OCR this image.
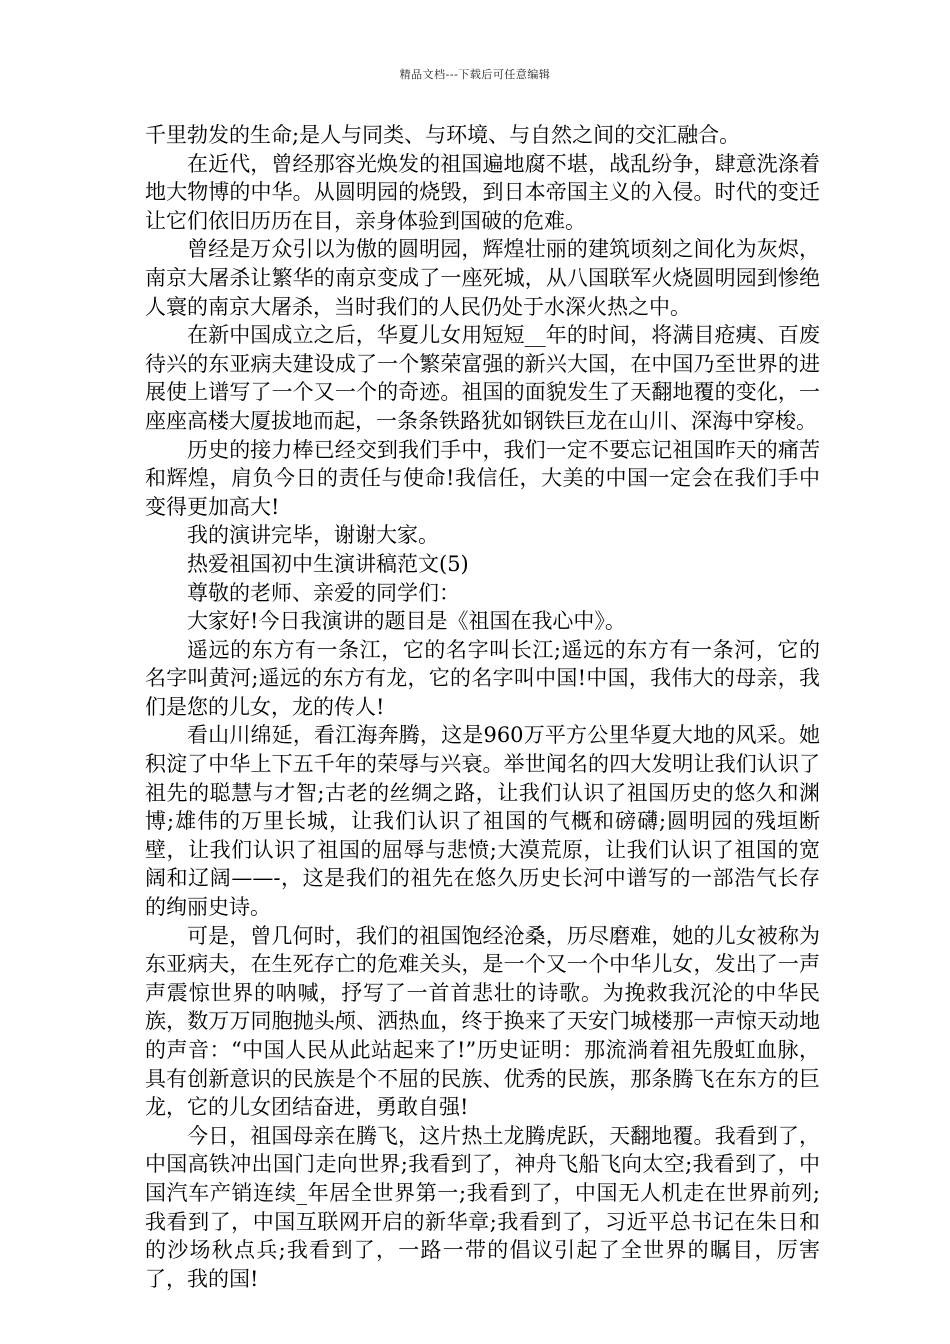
精品文档---下载后可任意编辑

千里勃发的生命;是人与同类、与环境、与自然之间的交汇融合。

在近代，曾经那容光焕发的祖国遍地腐不堪，战乱纷争，肆意洗涤着地大物博的中华。从圆明园的烧毁，到日本帝国主义的入侵。时代的变迁让它们依旧历历在目，亲身体验到国破的危难。

曾经是万众引以为傲的圆明园，辉煌壮丽的建筑顷刻之间化为灰烬，南京大屠杀让繁华的南京变成了一座死城，从八国联军火烧圆明园到惨绝人寰的南京大屠杀，当时我们的人民仍处于水深火热之中。

在新中国成立之后，华夏儿女用短短__年的时间，将满目疮痍、百废待兴的东亚病夫建设成了一个繁荣富强的新兴大国，在中国乃至世界的进展使上谱写了一个又一个的奇迹。祖国的面貌发生了天翻地覆的变化，一座座高楼大厦拔地而起，一条条铁路犹如钢铁巨龙在山川、深海中穿梭。

历史的接力棒已经交到我们手中，我们一定不要忘记祖国昨天的痛苦和辉煌，肩负今日的责任与使命!我信任，大美的中国一定会在我们手中变得更加高大!

我的演讲完毕，谢谢大家。

热爱祖国初中生演讲稿范文(5)

尊敬的老师、亲爱的同学们：

大家好!今日我演讲的题目是《祖国在我心中》。

遥远的东方有一条江，它的名字叫长江;遥远的东方有一条河，它的名字叫黄河;遥远的东方有龙，它的名字叫中国!中国，我伟大的母亲，我们是您的儿女，龙的传人!

看山川绵延，看江海奔腾，这是960万平方公里华夏大地的风采。她积淀了中华上下五千年的荣辱与兴衰。举世闻名的四大发明让我们认识了祖先的聪慧与才智;古老的丝绸之路，让我们认识了祖国历史的悠久和渊博;雄伟的万里长城，让我们认识了祖国的气概和磅礴;圆明园的残垣断壁，让我们认识了祖国的屈辱与悲愤;大漠荒原，让我们认识了祖国的宽阔和辽阔——-，这是我们的祖先在悠久历史长河中谱写的一部浩气长存的绚丽史诗。

可是，曾几何时，我们的祖国饱经沧桑，历尽磨难，她的儿女被称为东亚病夫，在生死存亡的危难关头，是一个又一个中华儿女，发出了一声声震惊世界的呐喊，抒写了一首首悲壮的诗歌。为挽救我沉沦的中华民族，数万万同胞抛头颅、洒热血，终于换来了天安门城楼那一声惊天动地的声音：“中国人民从此站起来了!”历史证明：那流淌着祖先殷虹血脉，具有创新意识的民族是个不屈的民族、优秀的民族，那条腾飞在东方的巨龙，它的儿女团结奋进，勇敢自强!

今日，祖国母亲在腾飞，这片热土龙腾虎跃，天翻地覆。我看到了，中国高铁冲出国门走向世界;我看到了，神舟飞船飞向太空;我看到了，中国汽车产销连续_年居全世界第一;我看到了，中国无人机走在世界前列;我看到了，中国互联网开启的新华章;我看到了，习近平总书记在朱日和的沙场秋点兵;我看到了，一路一带的倡议引起了全世界的瞩目，厉害了，我的国!
